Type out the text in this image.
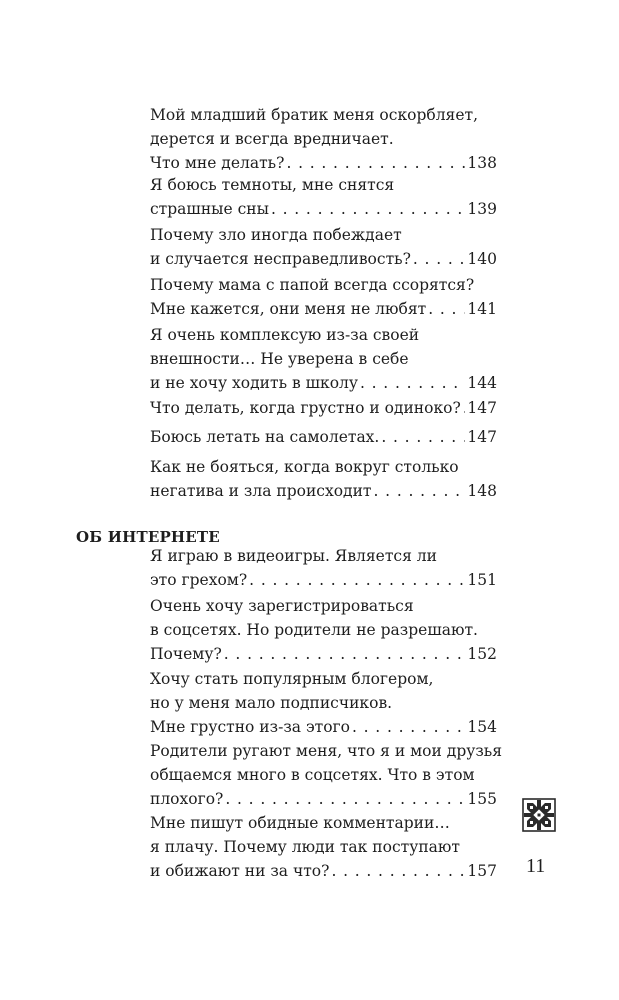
Мой младший братик меня оскорбляет,
дерется и всегда вредничает.
Что мне делать? . . .	138
Я боюсь темноты, мне снятся
страшные сны . . .	139
Почему зло иногда побеждает
и случается несправедливость? . . .	140
Почему мама с папой всегда ссорятся?
Мне кажется, они меня не любят . . .	141
Я очень комплексую из-за своей
внешности… Не уверена в себе
и не хочу ходить в школу . . .	144
Что делать, когда грустно и одиноко? . . . 147
Боюсь летать на самолетах. . . .	147
Как не бояться, когда вокруг столько
негатива и зла происходит . . .	148
ОБ ИНТЕРНЕТЕ
Я играю в видеоигры. Является ли
это грехом? . . .	151
Очень хочу зарегистрироваться
в соцсетях. Но родители не разрешают.
Почему? . . .	152
Хочу стать популярным блогером,
но у меня мало подписчиков.
Мне грустно из-за этого . . .	154
Родители ругают меня, что я и мои друзья
общаемся много в соцсетях. Что в этом
плохого? . . .	155
Мне пишут обидные комментарии…
я плачу. Почему люди так поступают
и обижают ни за что? . . .	157 11
